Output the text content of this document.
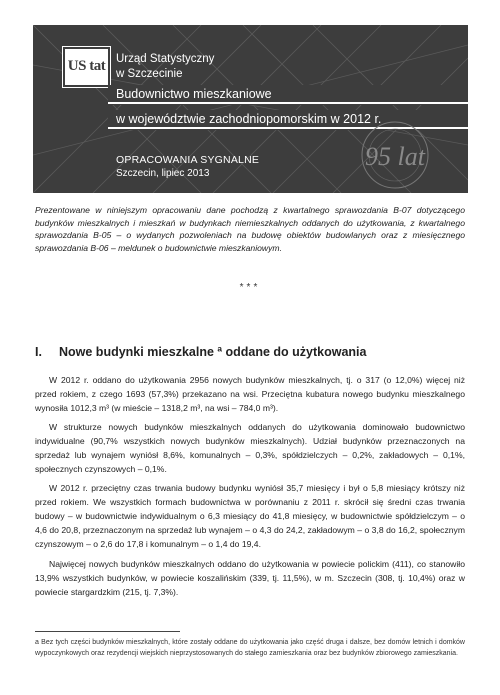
US tat Urząd Statystyczny
w Szczecinie
Budownictwo mieszkaniowe
w województwie zachodniopomorskim w 2012 r.
OPRACOWANIA SYGNALNE
Szczecin, lipiec 2013
95 lat
Prezentowane w niniejszym opracowaniu dane pochodzą z kwartalnego sprawozdania B-07 dotyczącego budynków mieszkalnych i mieszkań w budynkach niemieszkalnych oddanych do użytkowania, z kwartalnego sprawozdania B-05 – o wydanych pozwoleniach na budowę obiektów budowlanych oraz z miesięcznego sprawozdania B-06 – meldunek o budownictwie mieszkaniowym.
***
I. Nowe budynki mieszkalne ª oddane do użytkowania
W 2012 r. oddano do użytkowania 2956 nowych budynków mieszkalnych, tj. o 317 (o 12,0%) więcej niż przed rokiem, z czego 1693 (57,3%) przekazano na wsi. Przeciętna kubatura nowego budynku mieszkalnego wynosiła 1012,3 m³ (w mieście – 1318,2 m³, na wsi – 784,0 m³).
W strukturze nowych budynków mieszkalnych oddanych do użytkowania dominowało budownictwo indywidualne (90,7% wszystkich nowych budynków mieszkalnych). Udział budynków przeznaczonych na sprzedaż lub wynajem wyniósł 8,6%, komunalnych – 0,3%, spółdzielczych – 0,2%, zakładowych – 0,1%, społecznych czynszowych – 0,1%.
W 2012 r. przeciętny czas trwania budowy budynku wyniósł 35,7 miesięcy i był o 5,8 miesiący krótszy niż przed rokiem. We wszystkich formach budownictwa w porównaniu z 2011 r. skrócił się średni czas trwania budowy – w budownictwie indywidualnym o 6,3 miesiący do 41,8 miesięcy, w budownictwie spółdzielczym – o 4,6 do 20,8, przeznaczonym na sprzedaż lub wynajem – o 4,3 do 24,2, zakładowym – o 3,8 do 16,2, społecznym czynszowym – o 2,6 do 17,8 i komunalnym – o 1,4 do 19,4.
Najwięcej nowych budynków mieszkalnych oddano do użytkowania w powiecie polickim (411), co stanowiło 13,9% wszystkich budynków, w powiecie koszalińskim (339, tj. 11,5%), w m. Szczecin (308, tj. 10,4%) oraz w powiecie stargardzkim (215, tj. 7,3%).
a Bez tych części budynków mieszkalnych, które zostały oddane do użytkowania jako część druga i dalsze, bez domów letnich i domków wypoczynkowych oraz rezydencji wiejskich nieprzystosowanych do stałego zamieszkania oraz bez budynków zbiorowego zamieszkania.
